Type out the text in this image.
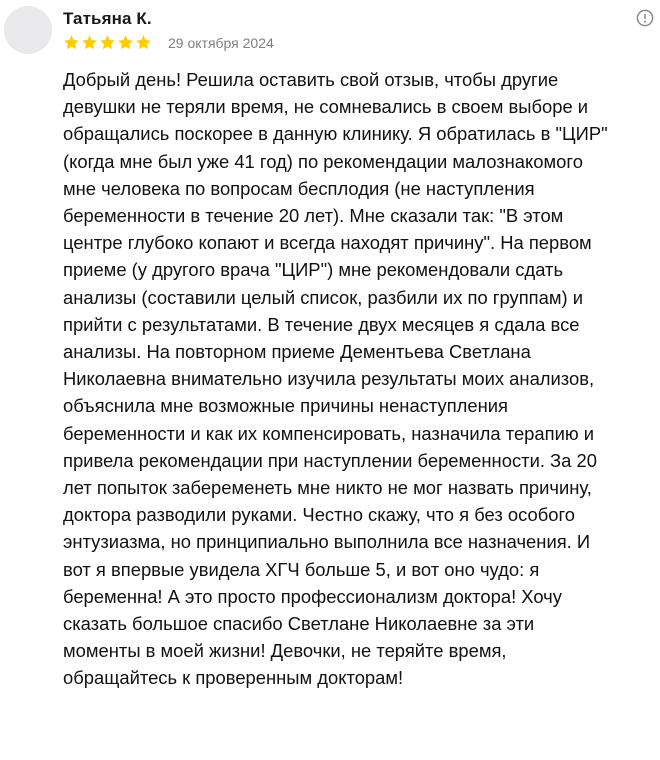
Татьяна К.
29 октября 2024

Добрый день! Решила оставить свой отзыв, чтобы другие
девушки не теряли время, не сомневались в своем выборе и
обращались поскорее в данную клинику. Я обратилась в "ЦИР"
(когда мне был уже 41 год) по рекомендации малознакомого
мне человека по вопросам бесплодия (не наступления
беременности в течение 20 лет). Мне сказали так: "В этом
центре глубоко копают и всегда находят причину". На первом
приеме (у другого врача "ЦИР") мне рекомендовали сдать
анализы (составили целый список, разбили их по группам) и
прийти с результатами. В течение двух месяцев я сдала все
анализы. На повторном приеме Дементьева Светлана
Николаевна внимательно изучила результаты моих анализов,
объяснила мне возможные причины ненаступления
беременности и как их компенсировать, назначила терапию и
привела рекомендации при наступлении беременности. За 20
лет попыток забеременеть мне никто не мог назвать причину,
доктора разводили руками. Честно скажу, что я без особого
энтузиазма, но принципиально выполнила все назначения. И
вот я впервые увидела ХГЧ больше 5, и вот оно чудо: я
беременна! А это просто профессионализм доктора! Хочу
сказать большое спасибо Светлане Николаевне за эти
моменты в моей жизни! Девочки, не теряйте время,
обращайтесь к проверенным докторам!
